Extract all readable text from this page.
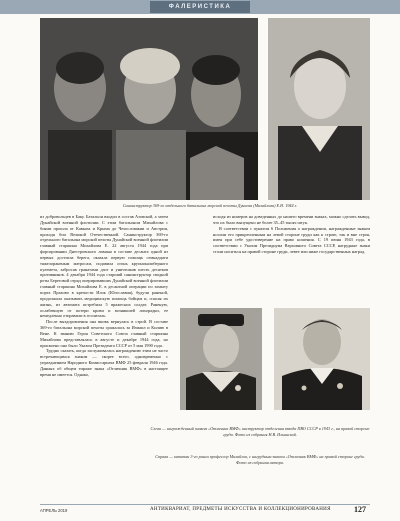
ФАЛЕРИСТИКА
Санинструктор 369-го отдельного батальона морской пехоты Дунаева (Михайлова) Е.Н. 1944 г.

из добровольцев в Баку. Батальон входил в состав Азовской, а затем Дунайской военной флотилии. С этим батальоном Михайлова с боями прошла от Кавказа и Крыма до Чехословакии и Австрии, проходя бои Великой Отечественной. Санинструктор 369-го отдельного батальона морской пехоты Дунайской военной флотилии главный старшина Михайлова Е. 22 августа 1944 года при форсировании Днестровского лимана в составе десанта одной из первых достигла берега, оказала первую помощь семнадцати тяжелораненым матросам, подавила огонь крупнокалиберного пулемета, забросав гранатами дзот и уничтожив шесть десятков противников. 4 декабря 1944 года старший санинструктор сводной роты Береговой отряд оперировавших Дунайской военной флотилии главный старшина Михайлова Е. в десантной операции по захвату порта Прахово в крепости Илок (Югославия), будучи раненой, продолжала оказывать медицинскую помощь бойцам и, спасая их жизнь, из автомата истребила 5 вражеских солдат. Раненую, ослабевшую от потери крови и возникшей лихорадки, ее немедленно отправили в госпиталь.

После выздоровления она вновь вернулась в строй. В составе 369-го батальона морской пехоты сражалась за Измаил и Килию в Вене. К званию Героя Советского Союза главный старшина Михайлова представлялась в августе и декабре 1944 года, но присвоено оно было Указом Президента СССР от 5 мая 1990 года.

Трудно сказать, когда заслуживалась награждению этим не часто встречающимся знаком — скорее всего, одновременно с упразднением Народного Комиссариата ВМФ 25 февраля 1946 года. Данных об общем тираже знака «Отличник ВМФ» в настоящее время не имеется. Однако,

исходя из номеров на доведенных до нашего времени знаках, можно сделать вывод, что их было выпущено не более 35–45 тысяч штук.

В соответствии с пунктом 6 Положения о награждении, награжденные знаком носили его прикрепленным на левой стороне груди как к строю, так и вне строя, имея при себе удостоверение на право ношения. С 19 июня 1943 года, в соответствии с Указом Президиума Верховного Совета СССР, нагрудные знаки стали носиться на правой стороне груди, левее или ниже государственных наград.

Слева — награжденный знаком «Отличник ВМФ» инструктор отделения взвода ПВО СССР в 1943 г., на правой стороне груди. Фото из собрания Н.В. Ильинской.
Справа — капитан 3-го ранга профессор Михайлов, с нагрудным знаком «Отличник ВМФ» на правой стороне груди. Фото из собрания автора.
АПРЕЛЬ 2019	АНТИКВАРИАТ, ПРЕДМЕТЫ ИСКУССТВА И КОЛЛЕКЦИОНИРОВАНИЯ	127
